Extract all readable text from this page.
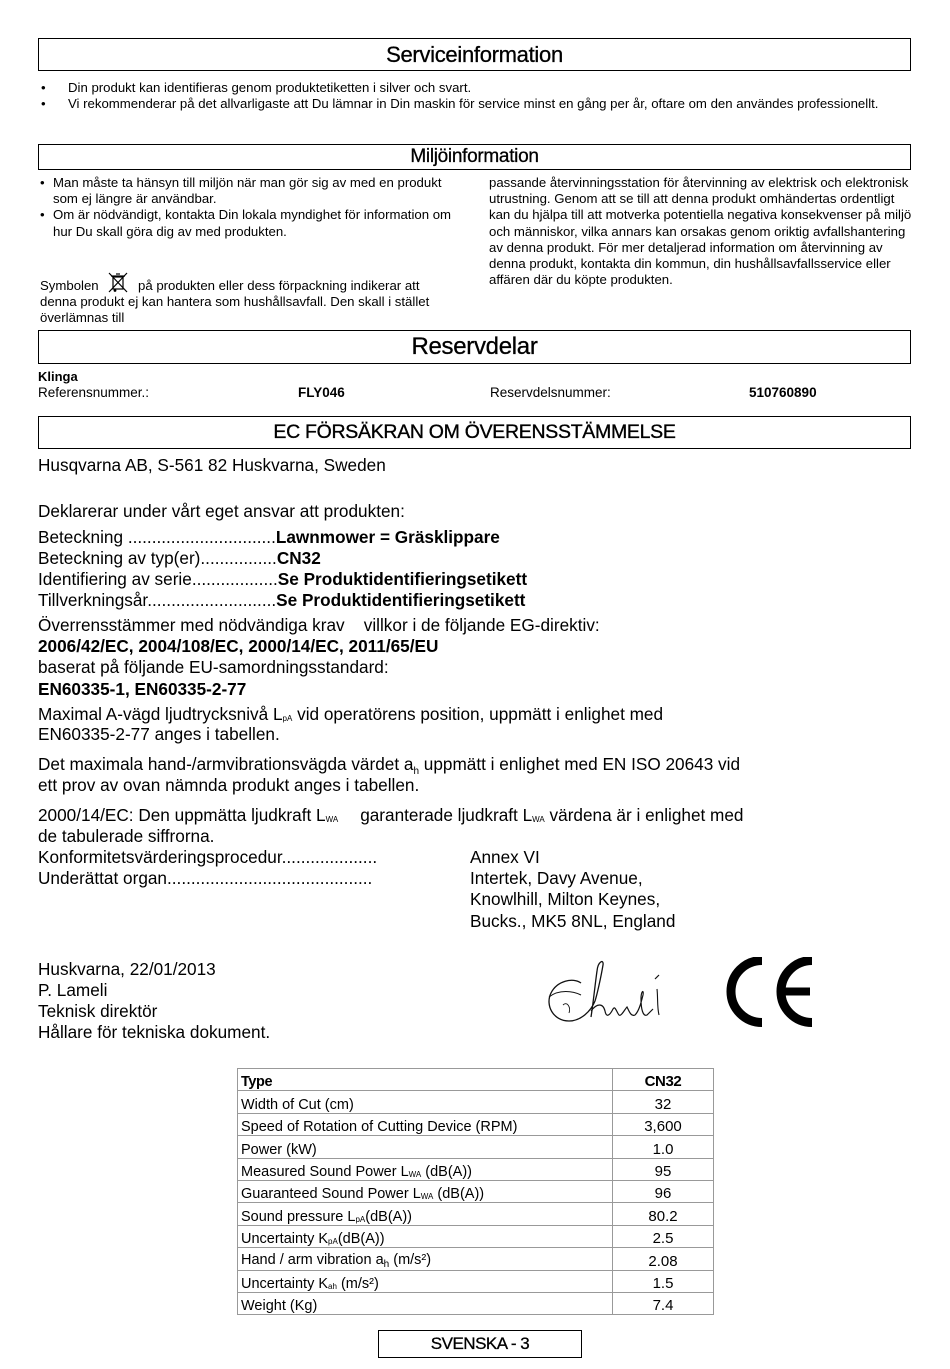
Serviceinformation
• Din produkt kan identifieras genom produktetiketten i silver och svart.
• Vi rekommenderar på det allvarligaste att Du lämnar in Din maskin för service minst en gång per år, oftare om den användes professionellt.
Miljöinformation
• Man måste ta hänsyn till miljön när man gör sig av med en produkt som ej längre är användbar.
• Om är nödvändigt, kontakta Din lokala myndighet för information om hur Du skall göra dig av med produkten.
Symbolen	på produkten eller dess förpackning indikerar att denna produkt ej kan hantera som hushållsavfall. Den skall i stället överlämnas till
passande återvinningsstation för återvinning av elektrisk och elektronisk utrustning. Genom att se till att denna produkt omhändertas ordentligt kan du hjälpa till att motverka potentiella negativa konsekvenser på miljö och människor, vilka annars kan orsakas genom oriktig avfallshantering av denna produkt. För mer detaljerad information om återvinning av denna produkt, kontakta din kommun, din hushållsavfallsservice eller affären där du köpte produkten.
Reservdelar
Klinga
Referensnummer.:	FLY046	Reservdelsnummer:	510760890
EC FÖRSÄKRAN OM ÖVERENSSTÄMMELSE
Husqvarna AB, S-561 82 Huskvarna, Sweden
Deklarerar under vårt eget ansvar att produkten:
Beteckning ...............................Lawnmower = Gräsklippare
Beteckning av typ(er)................CN32
Identifiering av serie..................Se Produktidentifieringsetikett
Tillverkningsår...........................Se Produktidentifieringsetikett
Överrensstämmer med nödvändiga krav    villkor i de följande EG-direktiv:
2006/42/EC, 2004/108/EC, 2000/14/EC, 2011/65/EU
baserat på följande EU-samordningsstandard:
EN60335-1, EN60335-2-77
Maximal A-vägd ljudtrycksnivå LpA vid operatörens position, uppmätt i enlighet med
EN60335-2-77 anges i tabellen.
Det maximala hand-/armvibrationsvägda värdet $a_h$ uppmätt i enlighet med EN ISO 20643 vid
ett prov av ovan nämnda produkt anges i tabellen.
2000/14/EC: Den uppmätta ljudkraft LWA garanterade ljudkraft LWA värdena är i enlighet med
de tabulerade siffrorna.
Konformitetsvärderingsprocedur....................	Annex VI
Underättat organ...........................................	Intertek, Davy Avenue,
Knowlhill, Milton Keynes,
Bucks., MK5 8NL, England
Huskvarna, 22/01/2013
P. Lameli
Teknisk direktör
Hållare för tekniska dokument.
Type	CN32
Width of Cut (cm)	32
Speed of Rotation of Cutting Device (RPM)	3,600
Power (kW)	1.0
Measured Sound Power LWA (dB(A))	95
Guaranteed Sound Power LWA (dB(A))	96
Sound pressure LpA(dB(A))	80.2
Uncertainty KpA(dB(A))	2.5
Hand / arm vibration $a_h$ (m/s²)	2.08
Uncertainty Kah (m/s²)	1.5
Weight (Kg)	7.4
SVENSKA - 3
